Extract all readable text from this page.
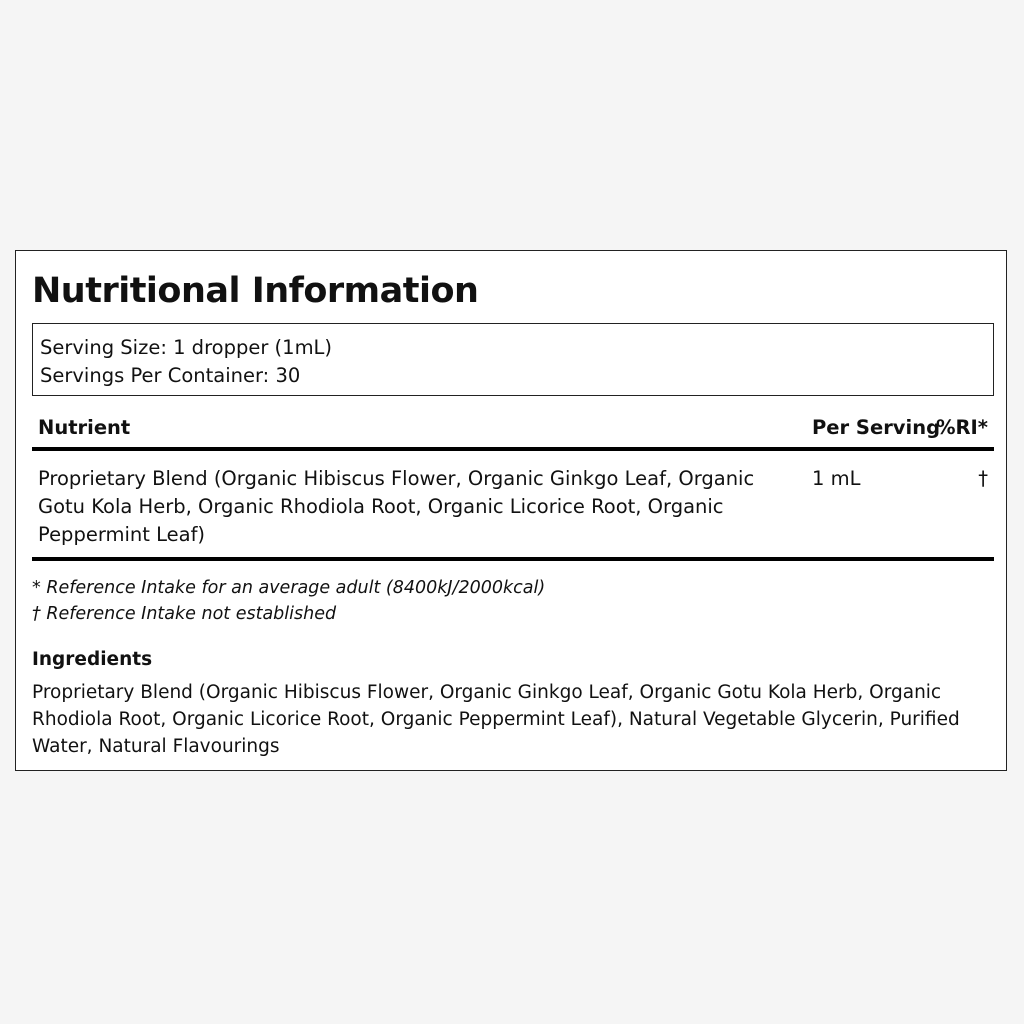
Nutritional Information
Serving Size: 1 dropper (1mL)
Servings Per Container: 30
Nutrient	Per Serving
%RI*
Proprietary Blend (Organic Hibiscus Flower, Organic Ginkgo Leaf, Organic Gotu Kola Herb, Organic Rhodiola Root, Organic Licorice Root, Organic Peppermint Leaf)
1 mL	†
* Reference Intake for an average adult (8400kJ/2000kcal)
† Reference Intake not established
Ingredients
Proprietary Blend (Organic Hibiscus Flower, Organic Ginkgo Leaf, Organic Gotu Kola Herb, Organic Rhodiola Root, Organic Licorice Root, Organic Peppermint Leaf), Natural Vegetable Glycerin, Purified Water, Natural Flavourings
